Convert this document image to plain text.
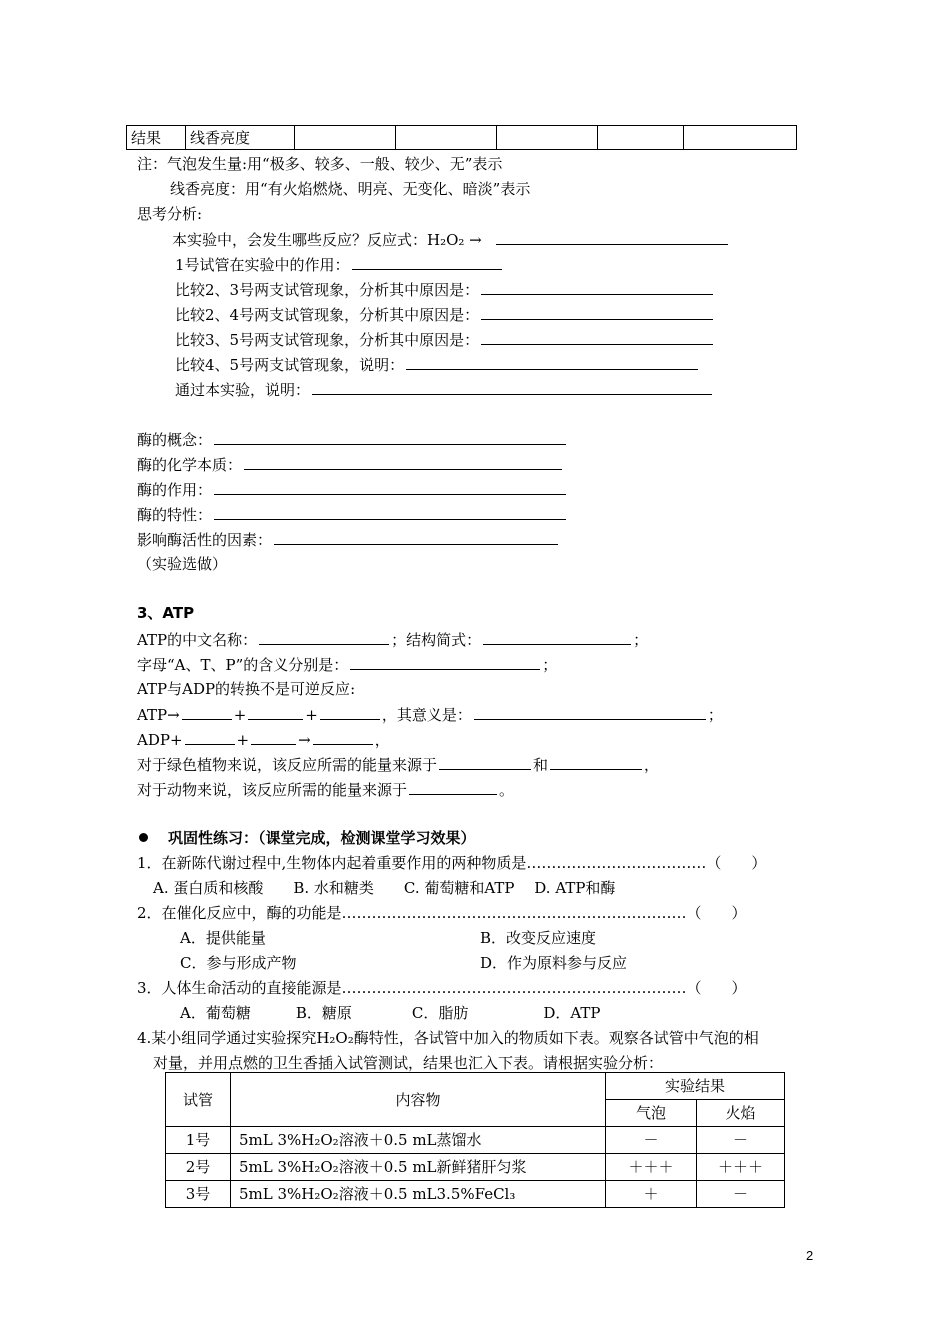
结果	线香亮度					
注：气泡发生量:用“极多、较多、一般、较少、无”表示
线香亮度：用“有火焰燃烧、明亮、无变化、暗淡”表示
思考分析:
本实验中，会发生哪些反应？反应式：H₂O₂ →
1号试管在实验中的作用：
比较2、3号两支试管现象，分析其中原因是：
比较2、4号两支试管现象，分析其中原因是：
比较3、5号两支试管现象，分析其中原因是：
比较4、5号两支试管现象，说明：
通过本实验，说明：
酶的概念：
酶的化学本质：
酶的作用：
酶的特性：
影响酶活性的因素：
（实验选做）
3、ATP
ATP的中文名称：	；结构简式：	；
字母“A、T、P”的含义分别是：	；
ATP与ADP的转换不是可逆反应:
ATP→	+	+	，其意义是：	；
ADP+	+	→	，
对于绿色植物来说，该反应所需的能量来源于	和	，
对于动物来说，该反应所需的能量来源于	。
巩固性练习：（课堂完成，检测课堂学习效果）
1．在新陈代谢过程中,生物体内起着重要作用的两种物质是………………………………（　　）
A. 蛋白质和核酸　　B. 水和糖类　　C. 葡萄糖和ATP　 D. ATP和酶
2．在催化反应中，酶的功能是……………………………………………………………（　　）
A．提供能量	B．改变反应速度
C．参与形成产物	D．作为原料参与反应
3．人体生命活动的直接能源是……………………………………………………………（　　）
A．葡萄糖　　　B．糖原　　　　C．脂肪　　　　　D．ATP
4.某小组同学通过实验探究H₂O₂酶特性，各试管中加入的物质如下表。观察各试管中气泡的相
对量，并用点燃的卫生香插入试管测试，结果也汇入下表。请根据实验分析：
试管	内容物	实验结果	
		气泡	火焰
1号	5mL 3%H₂O₂溶液＋0.5 mL蒸馏水	－	－
2号	5mL 3%H₂O₂溶液＋0.5 mL新鲜猪肝匀浆	＋＋＋	＋＋＋
3号	5mL 3%H₂O₂溶液＋0.5 mL3.5%FeCl₃	＋	－
2
